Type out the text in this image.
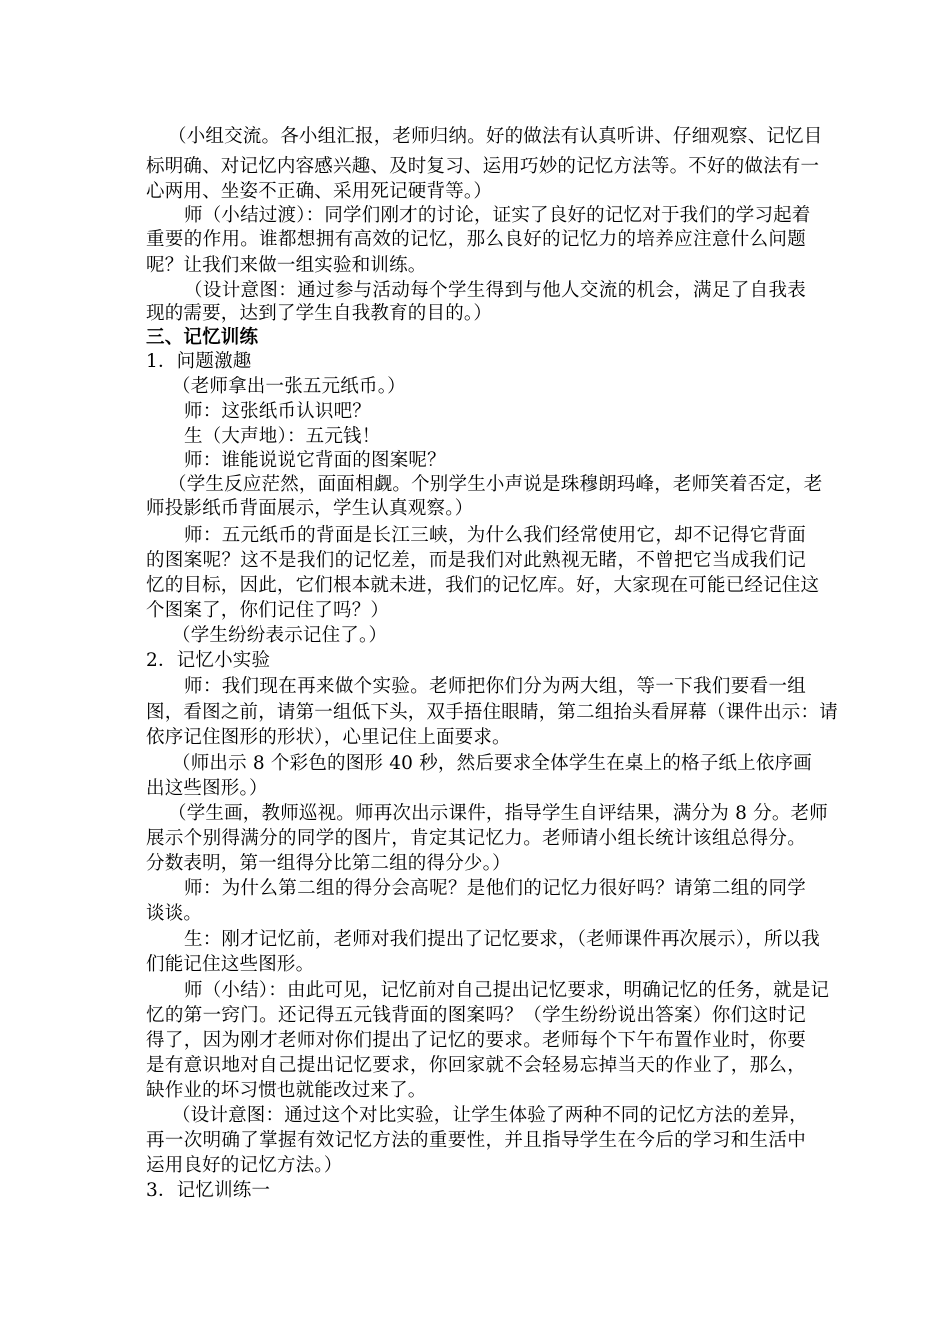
（小组交流。各小组汇报，老师归纳。好的做法有认真听讲、仔细观察、记忆目
标明确、对记忆内容感兴趣、及时复习、运用巧妙的记忆方法等。不好的做法有一
心两用、坐姿不正确、采用死记硬背等。）
师（小结过渡）：同学们刚才的讨论，证实了良好的记忆对于我们的学习起着
重要的作用。谁都想拥有高效的记忆，那么良好的记忆力的培养应注意什么问题
呢？让我们来做一组实验和训练。
（设计意图：通过参与活动每个学生得到与他人交流的机会，满足了自我表
现的需要，达到了学生自我教育的目的。）
三、记忆训练
1．问题激趣
（老师拿出一张五元纸币。）
师：这张纸币认识吧？
生（大声地）：五元钱！
师：谁能说说它背面的图案呢？
（学生反应茫然，面面相觑。个别学生小声说是珠穆朗玛峰，老师笑着否定，老
师投影纸币背面展示，学生认真观察。）
师：五元纸币的背面是长江三峡，为什么我们经常使用它，却不记得它背面
的图案呢？这不是我们的记忆差，而是我们对此熟视无睹，不曾把它当成我们记
忆的目标，因此，它们根本就未进，我们的记忆库。好，大家现在可能已经记住这
个图案了，你们记住了吗？）
（学生纷纷表示记住了。）
2．记忆小实验
师：我们现在再来做个实验。老师把你们分为两大组，等一下我们要看一组
图，看图之前，请第一组低下头，双手捂住眼睛，第二组抬头看屏幕（课件出示：请
依序记住图形的形状），心里记住上面要求。
（师出示 8 个彩色的图形 40 秒，然后要求全体学生在桌上的格子纸上依序画
出这些图形。）
（学生画，教师巡视。师再次出示课件，指导学生自评结果，满分为 8 分。老师
展示个别得满分的同学的图片，肯定其记忆力。老师请小组长统计该组总得分。
分数表明，第一组得分比第二组的得分少。）
师：为什么第二组的得分会高呢？是他们的记忆力很好吗？请第二组的同学
谈谈。
生：刚才记忆前，老师对我们提出了记忆要求，（老师课件再次展示），所以我
们能记住这些图形。
师（小结）：由此可见，记忆前对自己提出记忆要求，明确记忆的任务，就是记
忆的第一窍门。还记得五元钱背面的图案吗？（学生纷纷说出答案）你们这时记
得了，因为刚才老师对你们提出了记忆的要求。老师每个下午布置作业时，你要
是有意识地对自己提出记忆要求，你回家就不会轻易忘掉当天的作业了，那么，
缺作业的坏习惯也就能改过来了。
（设计意图：通过这个对比实验，让学生体验了两种不同的记忆方法的差异，
再一次明确了掌握有效记忆方法的重要性，并且指导学生在今后的学习和生活中
运用良好的记忆方法。）
3．记忆训练一
